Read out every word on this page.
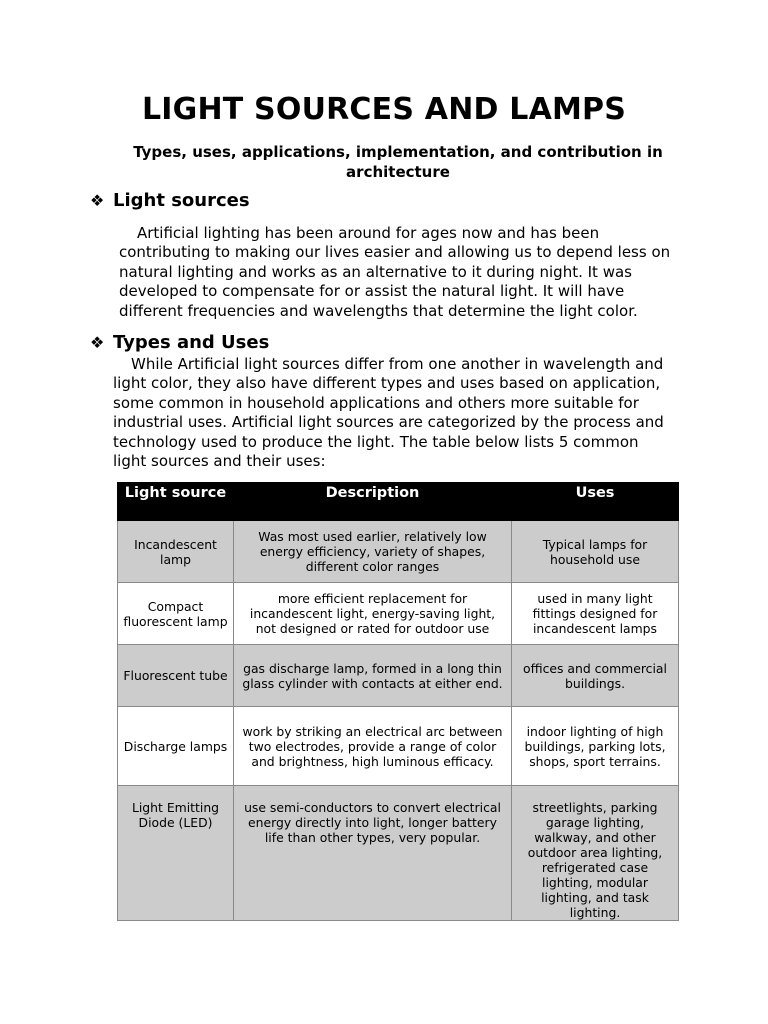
LIGHT SOURCES AND LAMPS

Types, uses, applications, implementation, and contribution in architecture

❖ Light sources

Artificial lighting has been around for ages now and has been contributing to making our lives easier and allowing us to depend less on natural lighting and works as an alternative to it during night. It was developed to compensate for or assist the natural light. It will have different frequencies and wavelengths that determine the light color.

❖ Types and Uses

While Artificial light sources differ from one another in wavelength and light color, they also have different types and uses based on application, some common in household applications and others more suitable for industrial uses. Artificial light sources are categorized by the process and technology used to produce the light. The table below lists 5 common light sources and their uses:

Light source	Description	Uses
Incandescent lamp	Was most used earlier, relatively low energy efficiency, variety of shapes, different color ranges	Typical lamps for household use
Compact fluorescent lamp	more efficient replacement for incandescent light, energy-saving light, not designed or rated for outdoor use	used in many light fittings designed for incandescent lamps
Fluorescent tube	gas discharge lamp, formed in a long thin glass cylinder with contacts at either end.	offices and commercial buildings.
Discharge lamps	work by striking an electrical arc between two electrodes, provide a range of color and brightness, high luminous efficacy.	indoor lighting of high buildings, parking lots, shops, sport terrains.
Light Emitting Diode (LED)	use semi-conductors to convert electrical energy directly into light, longer battery life than other types, very popular.	streetlights, parking garage lighting, walkway, and other outdoor area lighting, refrigerated case lighting, modular lighting, and task lighting.
